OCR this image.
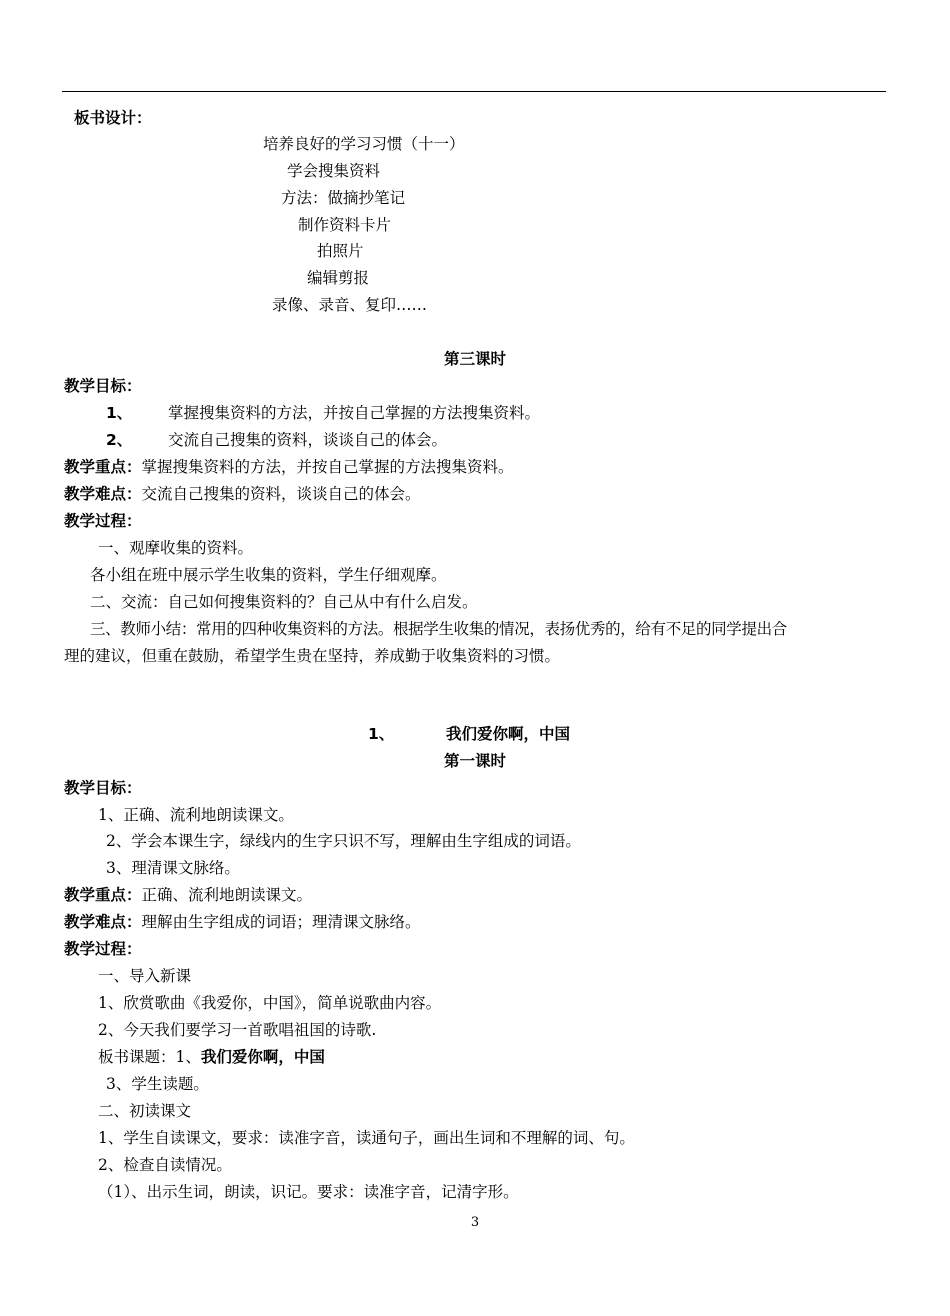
板书设计：
培养良好的学习习惯（十一）
学会搜集资料
方法：做摘抄笔记
制作资料卡片
拍照片
编辑剪报
录像、录音、复印……
第三课时
教学目标：
1、 掌握搜集资料的方法，并按自己掌握的方法搜集资料。
2、 交流自己搜集的资料，谈谈自己的体会。
教学重点：掌握搜集资料的方法，并按自己掌握的方法搜集资料。
教学难点：交流自己搜集的资料，谈谈自己的体会。
教学过程：
一、观摩收集的资料。
各小组在班中展示学生收集的资料，学生仔细观摩。
二、交流：自己如何搜集资料的？自己从中有什么启发。
三、教师小结：常用的四种收集资料的方法。根据学生收集的情况，表扬优秀的，给有不足的同学提出合
理的建议，但重在鼓励，希望学生贵在坚持，养成勤于收集资料的习惯。
1、	我们爱你啊，中国
第一课时
教学目标：
1、正确、流利地朗读课文。
2、学会本课生字，绿线内的生字只识不写，理解由生字组成的词语。
3、理清课文脉络。
教学重点：正确、流利地朗读课文。
教学难点：理解由生字组成的词语；理清课文脉络。
教学过程：
一、导入新课
1、欣赏歌曲《我爱你，中国》，简单说歌曲内容。
2、今天我们要学习一首歌唱祖国的诗歌.
板书课题：1、我们爱你啊，中国
3、学生读题。
二、初读课文
1、学生自读课文，要求：读准字音，读通句子，画出生词和不理解的词、句。
2、检查自读情况。
（1）、出示生词，朗读，识记。要求：读准字音，记清字形。
3
